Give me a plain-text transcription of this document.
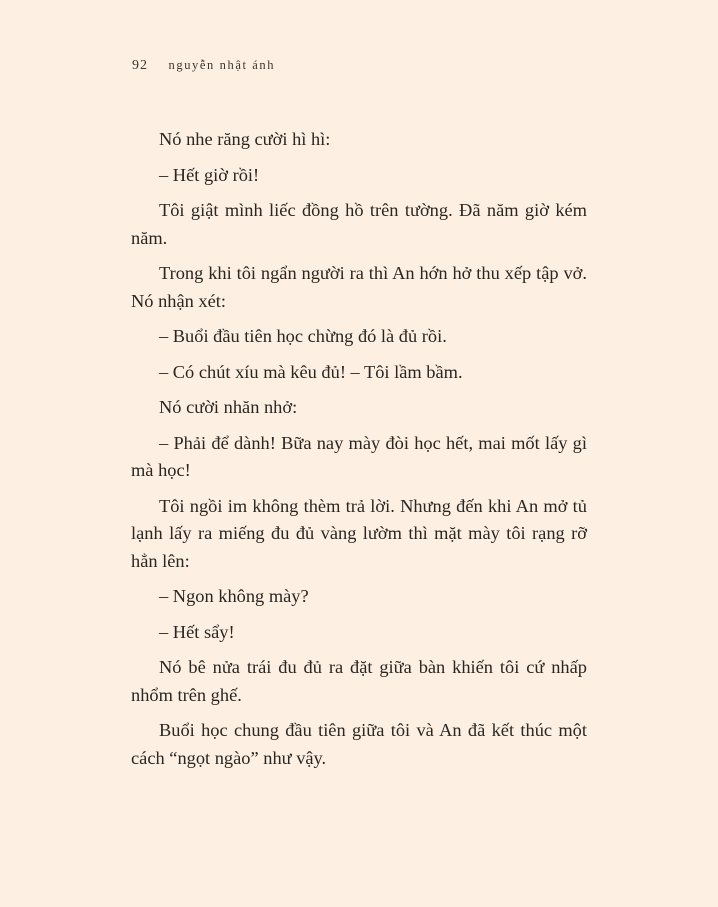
92 nguyễn nhật ánh

Nó nhe răng cười hì hì:

– Hết giờ rồi!

Tôi giật mình liếc đồng hồ trên tường. Đã năm giờ kém năm.

Trong khi tôi ngẩn người ra thì An hớn hở thu xếp tập vở. Nó nhận xét:

– Buổi đầu tiên học chừng đó là đủ rồi.

– Có chút xíu mà kêu đủ! – Tôi lầm bầm.

Nó cười nhăn nhở:

– Phải để dành! Bữa nay mày đòi học hết, mai mốt lấy gì mà học!

Tôi ngồi im không thèm trả lời. Nhưng đến khi An mở tủ lạnh lấy ra miếng đu đủ vàng lườm thì mặt mày tôi rạng rỡ hẳn lên:

– Ngon không mày?

– Hết sẩy!

Nó bê nửa trái đu đủ ra đặt giữa bàn khiến tôi cứ nhấp nhổm trên ghế.

Buổi học chung đầu tiên giữa tôi và An đã kết thúc một cách “ngọt ngào” như vậy.
